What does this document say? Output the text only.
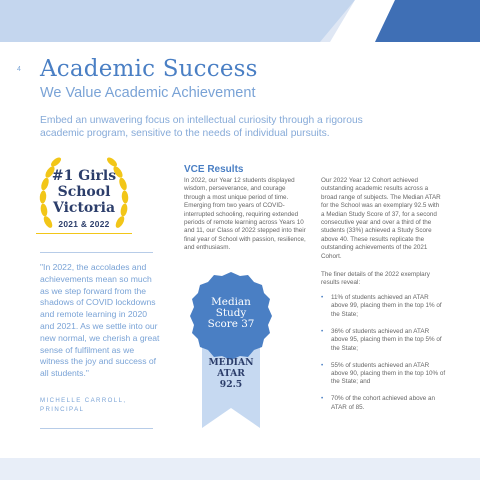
4 Academic Success
We Value Academic Achievement

Embed an unwavering focus on intellectual curiosity through a rigorous academic program, sensitive to the needs of individual pursuits.

#1 Girls
School
Victoria
2021 & 2022

"In 2022, the accolades and achievements mean so much as we step forward from the shadows of COVID lockdowns and remote learning in 2020 and 2021. As we settle into our new normal, we cherish a great sense of fulfilment as we witness the joy and success of all students."

MICHELLE CARROLL,
PRINCIPAL
VCE Results

In 2022, our Year 12 students displayed wisdom, perseverance, and courage through a most unique period of time. Emerging from two years of COVID-interrupted schooling, requiring extended periods of remote learning across Years 10 and 11, our Class of 2022 stepped into their final year of School with passion, resilience, and enthusiasm.

Our 2022 Year 12 Cohort achieved outstanding academic results across a broad range of subjects. The Median ATAR for the School was an exemplary 92.5 with a Median Study Score of 37, for a second consecutive year and over a third of the students (33%) achieved a Study Score above 40. These results replicate the outstanding achievements of the 2021 Cohort.

The finer details of the 2022 exemplary results reveal:

• 11% of students achieved an ATAR above 99, placing them in the top 1% of the State;
• 36% of students achieved an ATAR above 95, placing them in the top 5% of the State;
• 55% of students achieved an ATAR above 90, placing them in the top 10% of the State; and
• 70% of the cohort achieved above an ATAR of 85.
Median
Study
Score 37
MEDIAN
ATAR
92.5
